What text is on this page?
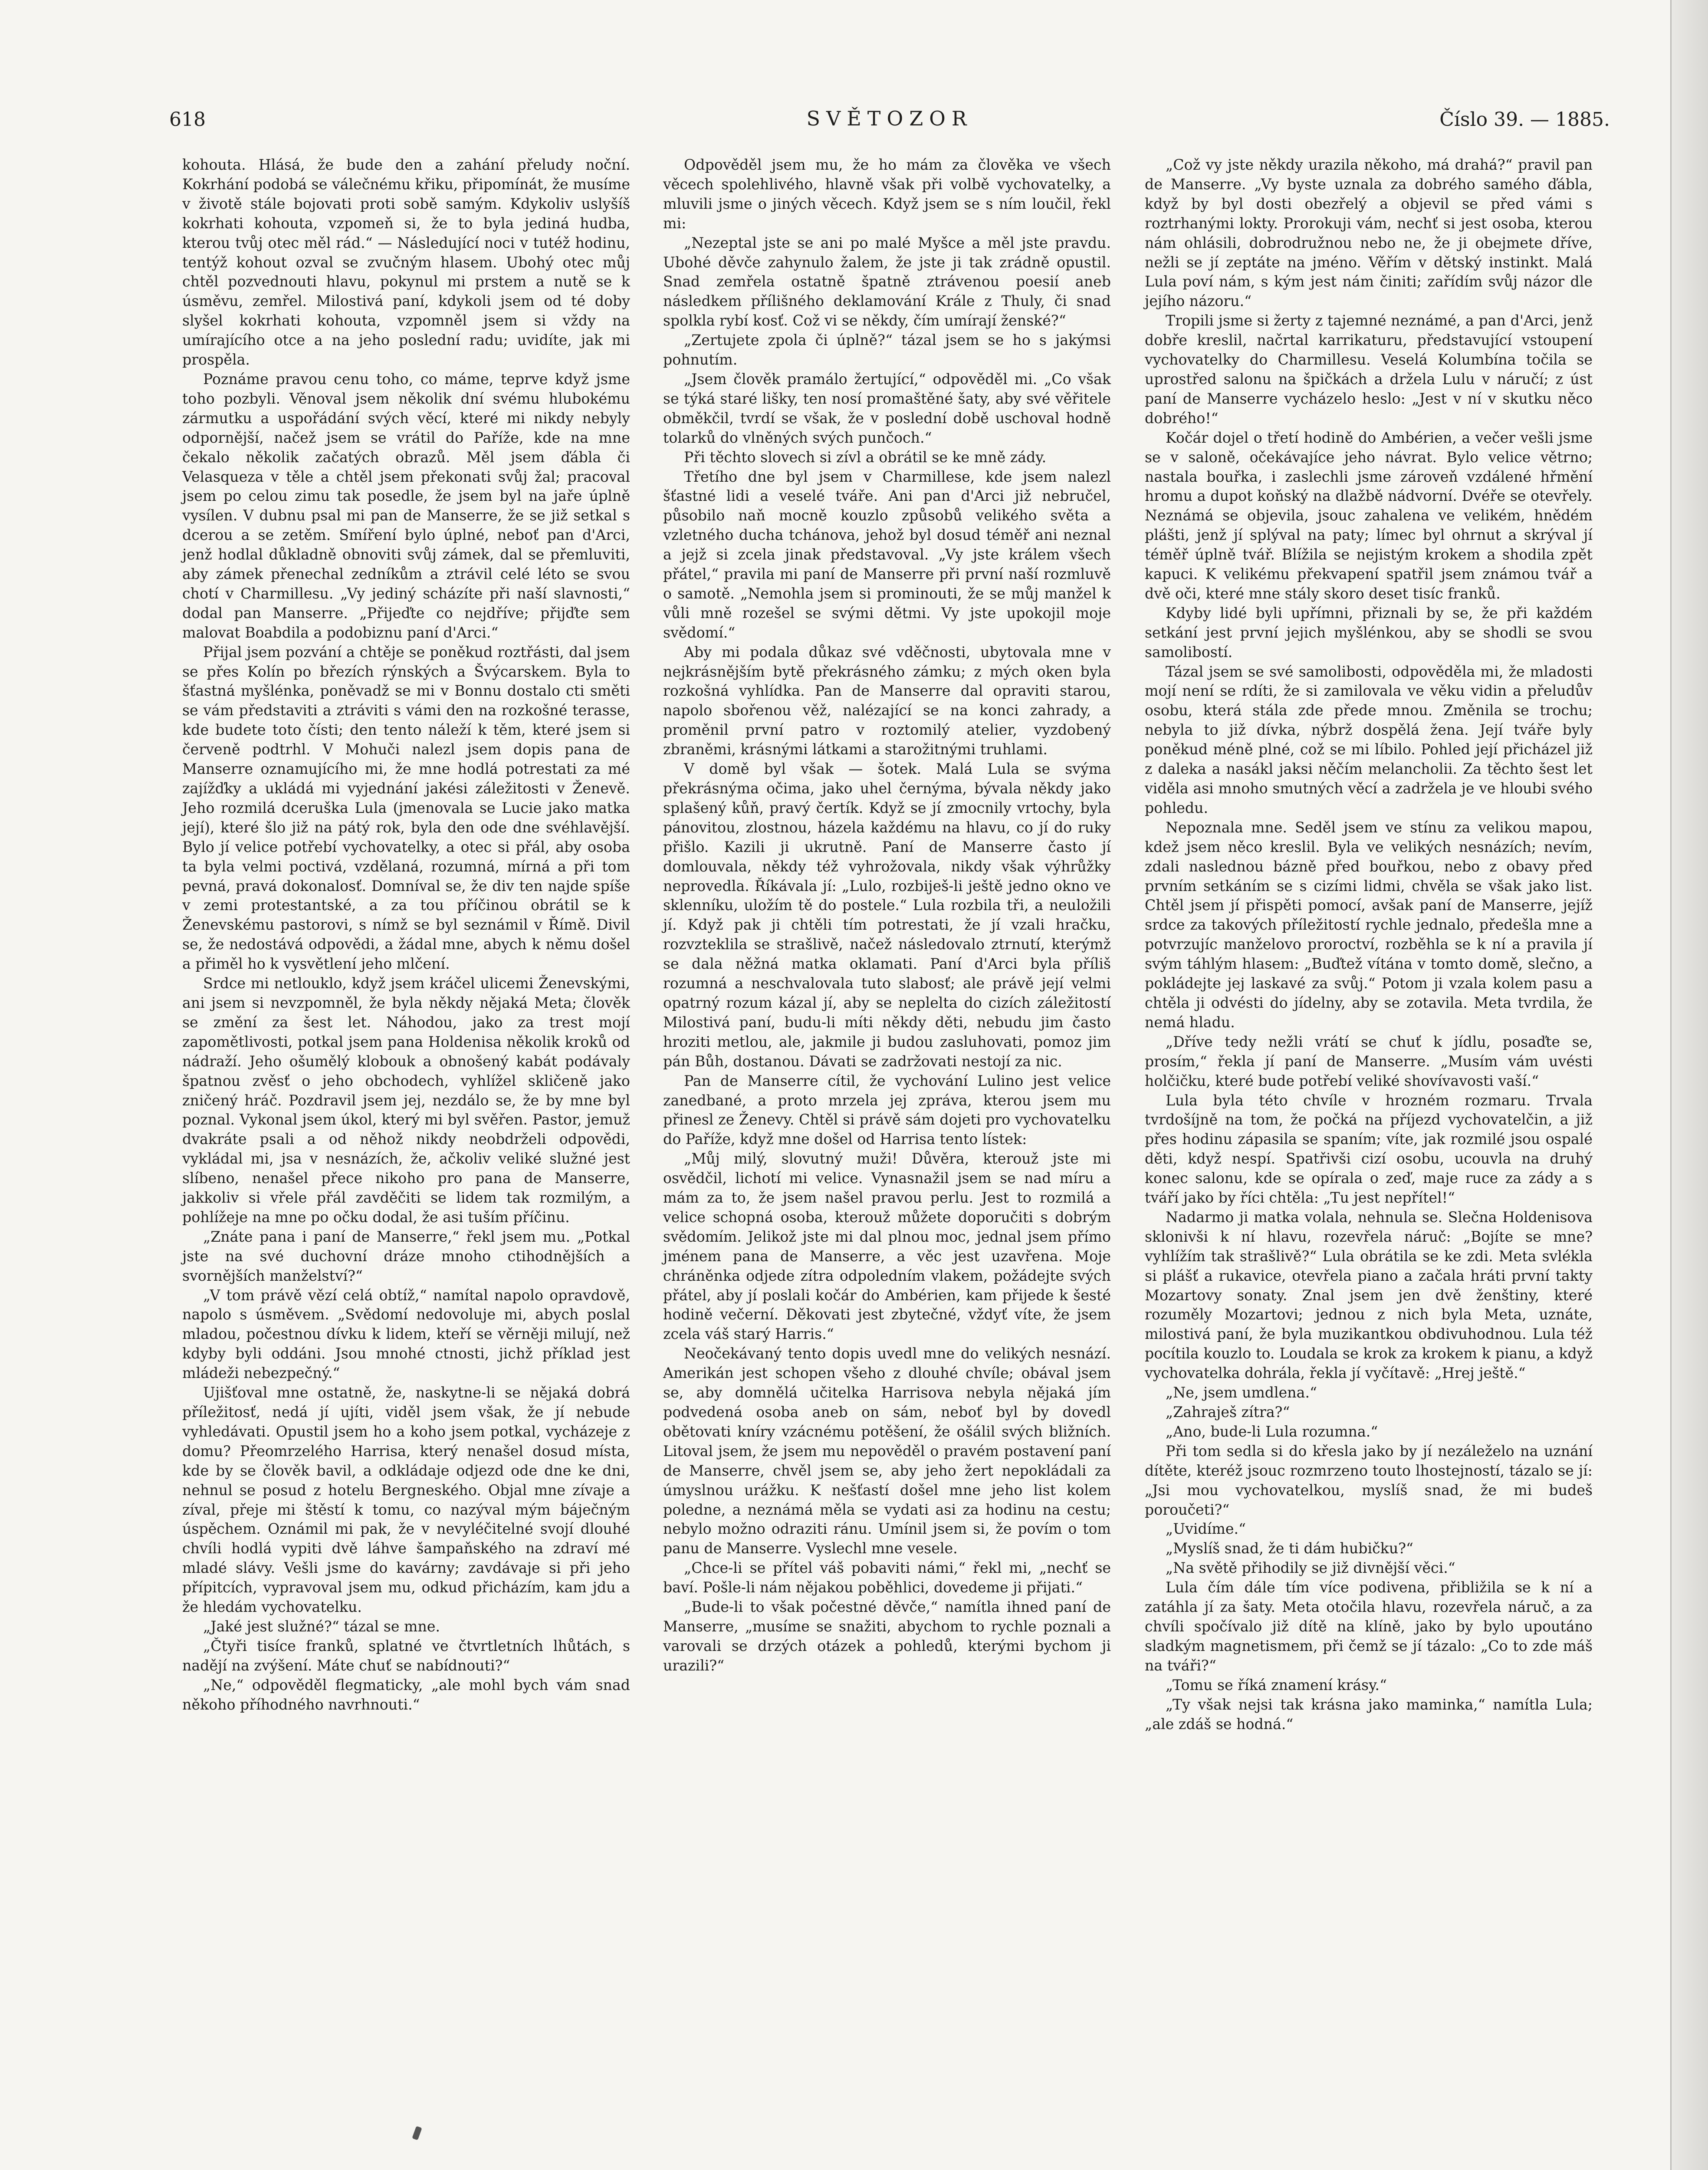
618	SVĚTOZOR	Číslo 39. — 1885.

kohouta. Hlásá, že bude den a zahání přeludy noční. Kokrhání podobá se válečnému křiku, připomínát, že musíme v životě stále bojovati proti sobě samým. Kdykoliv uslyšíš kokrhati kohouta, vzpomeň si, že to byla jediná hudba, kterou tvůj otec měl rád.“ — Následující noci v tutéž hodinu, tentýž kohout ozval se zvučným hlasem. Ubohý otec můj chtěl pozvednouti hlavu, pokynul mi prstem a nutě se k úsměvu, zemřel. Milostivá paní, kdykoli jsem od té doby slyšel kokrhati kohouta, vzpomněl jsem si vždy na umírajícího otce a na jeho poslední radu; uvidíte, jak mi prospěla.

Poznáme pravou cenu toho, co máme, teprve když jsme toho pozbyli. Věnoval jsem několik dní svému hlubokému zármutku a uspořádání svých věcí, které mi nikdy nebyly odpornější, načež jsem se vrátil do Paříže, kde na mne čekalo několik začatých obrazů. Měl jsem ďábla či Velasqueza v těle a chtěl jsem překonati svůj žal; pracoval jsem po celou zimu tak posedle, že jsem byl na jaře úplně vysílen. V dubnu psal mi pan de Manserre, že se již setkal s dcerou a se zetěm. Smíření bylo úplné, neboť pan d'Arci, jenž hodlal důkladně obnoviti svůj zámek, dal se přemluviti, aby zámek přenechal zedníkům a ztrávil celé léto se svou chotí v Charmillesu. „Vy jediný scházíte při naší slavnosti,“ dodal pan Manserre. „Přijeďte co nejdříve; přijďte sem malovat Boabdila a podobiznu paní d'Arci.“

Přijal jsem pozvání a chtěje se poněkud roztřásti, dal jsem se přes Kolín po březích rýnských a Švýcarskem. Byla to šťastná myšlénka, poněvadž se mi v Bonnu dostalo cti směti se vám představiti a ztráviti s vámi den na rozkošné terasse, kde budete toto čísti; den tento náleží k těm, které jsem si červeně podtrhl. V Mohuči nalezl jsem dopis pana de Manserre oznamujícího mi, že mne hodlá potrestati za mé zajížďky a ukládá mi vyjednání jakési záležitosti v Ženevě. Jeho rozmilá dceruška Lula (jmenovala se Lucie jako matka její), které šlo již na pátý rok, byla den ode dne svéhlavější. Bylo jí velice potřebí vychovatelky, a otec si přál, aby osoba ta byla velmi poctivá, vzdělaná, rozumná, mírná a při tom pevná, pravá dokonalosť. Domníval se, že div ten najde spíše v zemi protestantské, a za tou příčinou obrátil se k Ženevskému pastorovi, s nímž se byl seznámil v Římě. Divil se, že nedostává odpovědi, a žádal mne, abych k němu došel a přiměl ho k vysvětlení jeho mlčení.

Srdce mi netlouklo, když jsem kráčel ulicemi Ženevskými, ani jsem si nevzpomněl, že byla někdy nějaká Meta; člověk se změní za šest let. Náhodou, jako za trest mojí zapomětlivosti, potkal jsem pana Holdenisa několik kroků od nádraží. Jeho ošumělý klobouk a obnošený kabát podávaly špatnou zvěsť o jeho obchodech, vyhlížel skličeně jako zničený hráč. Pozdravil jsem jej, nezdálo se, že by mne byl poznal. Vykonal jsem úkol, který mi byl svěřen. Pastor, jemuž dvakráte psali a od něhož nikdy neobdrželi odpovědi, vykládal mi, jsa v nesnázích, že, ačkoliv veliké služné jest slíbeno, nenašel přece nikoho pro pana de Manserre, jakkoliv si vřele přál zavděčiti se lidem tak rozmilým, a pohlížeje na mne po očku dodal, že asi tuším příčinu.

„Znáte pana i paní de Manserre,“ řekl jsem mu. „Potkal jste na své duchovní dráze mnoho ctihodnějších a svornějších manželství?“

„V tom právě vězí celá obtíž,“ namítal napolo opravdově, napolo s úsměvem. „Svědomí nedovoluje mi, abych poslal mladou, počestnou dívku k lidem, kteří se věrněji milují, než kdyby byli oddáni. Jsou mnohé ctnosti, jichž příklad jest mládeži nebezpečný.“

Ujišťoval mne ostatně, že, naskytne-li se nějaká dobrá příležitosť, nedá jí ujíti, viděl jsem však, že jí nebude vyhledávati. Opustil jsem ho a koho jsem potkal, vycházeje z domu? Přeomrzelého Harrisa, který nenašel dosud místa, kde by se člověk bavil, a odkládaje odjezd ode dne ke dni, nehnul se posud z hotelu Bergneského. Objal mne zívaje a zíval, přeje mi štěstí k tomu, co nazýval mým báječným úspěchem. Oznámil mi pak, že v nevyléčitelné svojí dlouhé chvíli hodlá vypiti dvě láhve šampaňského na zdraví mé mladé slávy. Vešli jsme do kavárny; zavdávaje si při jeho přípitcích, vypravoval jsem mu, odkud přicházím, kam jdu a že hledám vychovatelku.

„Jaké jest služné?“ tázal se mne.

„Čtyři tisíce franků, splatné ve čtvrtletních lhůtách, s nadějí na zvýšení. Máte chuť se nabídnouti?“

„Ne,“ odpověděl flegmaticky, „ale mohl bych vám snad někoho příhodného navrhnouti.“

Odpověděl jsem mu, že ho mám za člověka ve všech věcech spolehlivého, hlavně však při volbě vychovatelky, a mluvili jsme o jiných věcech. Když jsem se s ním loučil, řekl mi:

„Nezeptal jste se ani po malé Myšce a měl jste pravdu. Ubohé děvče zahynulo žalem, že jste ji tak zrádně opustil. Snad zemřela ostatně špatně ztrávenou poesií aneb následkem přílišného deklamování Krále z Thuly, či snad spolkla rybí kosť. Což vi se někdy, čím umírají ženské?“

„Zertujete zpola či úplně?“ tázal jsem se ho s jakýmsi pohnutím.

„Jsem člověk pramálo žertující,“ odpověděl mi. „Co však se týká staré lišky, ten nosí promaštěné šaty, aby své věřitele obměkčil, tvrdí se však, že v poslední době uschoval hodně tolarků do vlněných svých punčoch.“

Při těchto slovech si zívl a obrátil se ke mně zády.

Třetího dne byl jsem v Charmillese, kde jsem nalezl šťastné lidi a veselé tváře. Ani pan d'Arci již nebručel, působilo naň mocně kouzlo způsobů velikého světa a vzletného ducha tchánova, jehož byl dosud téměř ani neznal a jejž si zcela jinak představoval. „Vy jste králem všech přátel,“ pravila mi paní de Manserre při první naší rozmluvě o samotě. „Nemohla jsem si prominouti, že se můj manžel k vůli mně rozešel se svými dětmi. Vy jste upokojil moje svědomí.“

Aby mi podala důkaz své vděčnosti, ubytovala mne v nejkrásnějším bytě překrásného zámku; z mých oken byla rozkošná vyhlídka. Pan de Manserre dal opraviti starou, napolo sbořenou věž, nalézající se na konci zahrady, a proměnil první patro v roztomilý atelier, vyzdobený zbraněmi, krásnými látkami a starožitnými truhlami.

V domě byl však — šotek. Malá Lula se svýma překrásnýma očima, jako uhel černýma, bývala někdy jako splašený kůň, pravý čertík. Když se jí zmocnily vrtochy, byla pánovitou, zlostnou, házela každému na hlavu, co jí do ruky přišlo. Kazili ji ukrutně. Paní de Manserre často jí domlouvala, někdy též vyhrožovala, nikdy však výhrůžky neprovedla. Říkávala jí: „Lulo, rozbiješ-li ještě jedno okno ve sklenníku, uložím tě do postele.“ Lula rozbila tři, a neuložili jí. Když pak ji chtěli tím potrestati, že jí vzali hračku, rozvzteklila se strašlivě, načež následovalo ztrnutí, kterýmž se dala něžná matka oklamati. Paní d'Arci byla příliš rozumná a neschvalovala tuto slabosť; ale právě její velmi opatrný rozum kázal jí, aby se neplelta do cizích záležitostí Milostivá paní, budu-li míti někdy děti, nebudu jim často hroziti metlou, ale, jakmile ji budou zasluhovati, pomoz jim pán Bůh, dostanou. Dávati se zadržovati nestojí za nic.

Pan de Manserre cítil, že vychování Lulino jest velice zanedbané, a proto mrzela jej zpráva, kterou jsem mu přinesl ze Ženevy. Chtěl si právě sám dojeti pro vychovatelku do Paříže, když mne došel od Harrisa tento lístek:

„Můj milý, slovutný muži! Důvěra, kterouž jste mi osvědčil, lichotí mi velice. Vynasnažil jsem se nad míru a mám za to, že jsem našel pravou perlu. Jest to rozmilá a velice schopná osoba, kterouž můžete doporučiti s dobrým svědomím. Jelikož jste mi dal plnou moc, jednal jsem přímo jménem pana de Manserre, a věc jest uzavřena. Moje chráněnka odjede zítra odpoledním vlakem, požádejte svých přátel, aby jí poslali kočár do Ambérien, kam přijede k šesté hodině večerní. Děkovati jest zbytečné, vždyť víte, že jsem zcela váš starý Harris.“

Neočekávaný tento dopis uvedl mne do velikých nesnází. Amerikán jest schopen všeho z dlouhé chvíle; obával jsem se, aby domnělá učitelka Harrisova nebyla nějaká jím podvedená osoba aneb on sám, neboť byl by dovedl obětovati kníry vzácnému potěšení, že ošálil svých bližních. Litoval jsem, že jsem mu nepověděl o pravém postavení paní de Manserre, chvěl jsem se, aby jeho žert nepokládali za úmyslnou urážku. K nešťastí došel mne jeho list kolem poledne, a neznámá měla se vydati asi za hodinu na cestu; nebylo možno odraziti ránu. Umínil jsem si, že povím o tom panu de Manserre. Vyslechl mne vesele.

„Chce-li se přítel váš pobaviti námi,“ řekl mi, „nechť se baví. Pošle-li nám nějakou poběhlici, dovedeme ji přijati.“

„Bude-li to však počestné děvče,“ namítla ihned paní de Manserre, „musíme se snažiti, abychom to rychle poznali a varovali se drzých otázek a pohledů, kterými bychom ji urazili?“

„Což vy jste někdy urazila někoho, má drahá?“ pravil pan de Manserre. „Vy byste uznala za dobrého samého ďábla, když by byl dosti obezřelý a objevil se před vámi s roztrhanými lokty. Prorokuji vám, nechť si jest osoba, kterou nám ohlásili, dobrodružnou nebo ne, že ji obejmete dříve, nežli se jí zeptáte na jméno. Věřím v dětský instinkt. Malá Lula poví nám, s kým jest nám činiti; zařídím svůj názor dle jejího názoru.“

Tropili jsme si žerty z tajemné neznámé, a pan d'Arci, jenž dobře kreslil, načrtal karrikaturu, představující vstoupení vychovatelky do Charmillesu. Veselá Kolumbína točila se uprostřed salonu na špičkách a držela Lulu v náručí; z úst paní de Manserre vycházelo heslo: „Jest v ní v skutku něco dobrého!“

Kočár dojel o třetí hodině do Ambérien, a večer vešli jsme se v saloně, očekávajíce jeho návrat. Bylo velice větrno; nastala bouřka, i zaslechli jsme zároveň vzdálené hřmění hromu a dupot koňský na dlažbě nádvorní. Dvéře se otevřely. Neznámá se objevila, jsouc zahalena ve velikém, hnědém plášti, jenž jí splýval na paty; límec byl ohrnut a skrýval jí téměř úplně tvář. Blížila se nejistým krokem a shodila zpět kapuci. K velikému překvapení spatřil jsem známou tvář a dvě oči, které mne stály skoro deset tisíc franků.

Kdyby lidé byli upřímni, přiznali by se, že při každém setkání jest první jejich myšlénkou, aby se shodli se svou samolibostí.

Tázal jsem se své samolibosti, odpověděla mi, že mladosti mojí není se rdíti, že si zamilovala ve věku vidin a přeludův osobu, která stála zde přede mnou. Změnila se trochu; nebyla to již dívka, nýbrž dospělá žena. Její tváře byly poněkud méně plné, což se mi líbilo. Pohled její přicházel již z daleka a nasákl jaksi něčím melancholii. Za těchto šest let viděla asi mnoho smutných věcí a zadržela je ve hloubi svého pohledu.

Nepoznala mne. Seděl jsem ve stínu za velikou mapou, kdež jsem něco kreslil. Byla ve velikých nesnázích; nevím, zdali naslednou bázně před bouřkou, nebo z obavy před prvním setkáním se s cizími lidmi, chvěla se však jako list. Chtěl jsem jí přispěti pomocí, avšak paní de Manserre, jejíž srdce za takových příležitostí rychle jednalo, předešla mne a potvrzujíc manželovo proroctví, rozběhla se k ní a pravila jí svým táhlým hlasem: „Buďtež vítána v tomto domě, slečno, a pokládejte jej laskavé za svůj.“ Potom ji vzala kolem pasu a chtěla ji odvésti do jídelny, aby se zotavila. Meta tvrdila, že nemá hladu.

„Dříve tedy nežli vrátí se chuť k jídlu, posaďte se, prosím,“ řekla jí paní de Manserre. „Musím vám uvésti holčičku, které bude potřebí veliké shovívavosti vaší.“

Lula byla této chvíle v hrozném rozmaru. Trvala tvrdošíjně na tom, že počká na příjezd vychovatelčin, a již přes hodinu zápasila se spaním; víte, jak rozmilé jsou ospalé děti, když nespí. Spatřivši cizí osobu, ucouvla na druhý konec salonu, kde se opírala o zeď, maje ruce za zády a s tváří jako by říci chtěla: „Tu jest nepřítel!“

Nadarmo ji matka volala, nehnula se. Slečna Holdenisova sklonivši k ní hlavu, rozevřela náruč: „Bojíte se mne? vyhlížím tak strašlivě?“ Lula obrátila se ke zdi. Meta svlékla si plášť a rukavice, otevřela piano a začala hráti první takty Mozartovy sonaty. Znal jsem jen dvě ženštiny, které rozuměly Mozartovi; jednou z nich byla Meta, uznáte, milostivá paní, že byla muzikantkou obdivuhodnou. Lula též pocítila kouzlo to. Loudala se krok za krokem k pianu, a když vychovatelka dohrála, řekla jí vyčítavě: „Hrej ještě.“

„Ne, jsem umdlena.“

„Zahraješ zítra?“

„Ano, bude-li Lula rozumna.“

Při tom sedla si do křesla jako by jí nezáleželo na uznání dítěte, kteréž jsouc rozmrzeno touto lhostejností, tázalo se jí: „Jsi mou vychovatelkou, myslíš snad, že mi budeš poroučeti?“

„Uvidíme.“

„Myslíš snad, že ti dám hubičku?“

„Na světě přihodily se již divnější věci.“

Lula čím dále tím více podivena, přibližila se k ní a zatáhla jí za šaty. Meta otočila hlavu, rozevřela náruč, a za chvíli spočívalo již dítě na klíně, jako by bylo upoutáno sladkým magnetismem, při čemž se jí tázalo: „Co to zde máš na tváři?“

„Tomu se říká znamení krásy.“

„Ty však nejsi tak krásna jako maminka,“ namítla Lula; „ale zdáš se hodná.“
